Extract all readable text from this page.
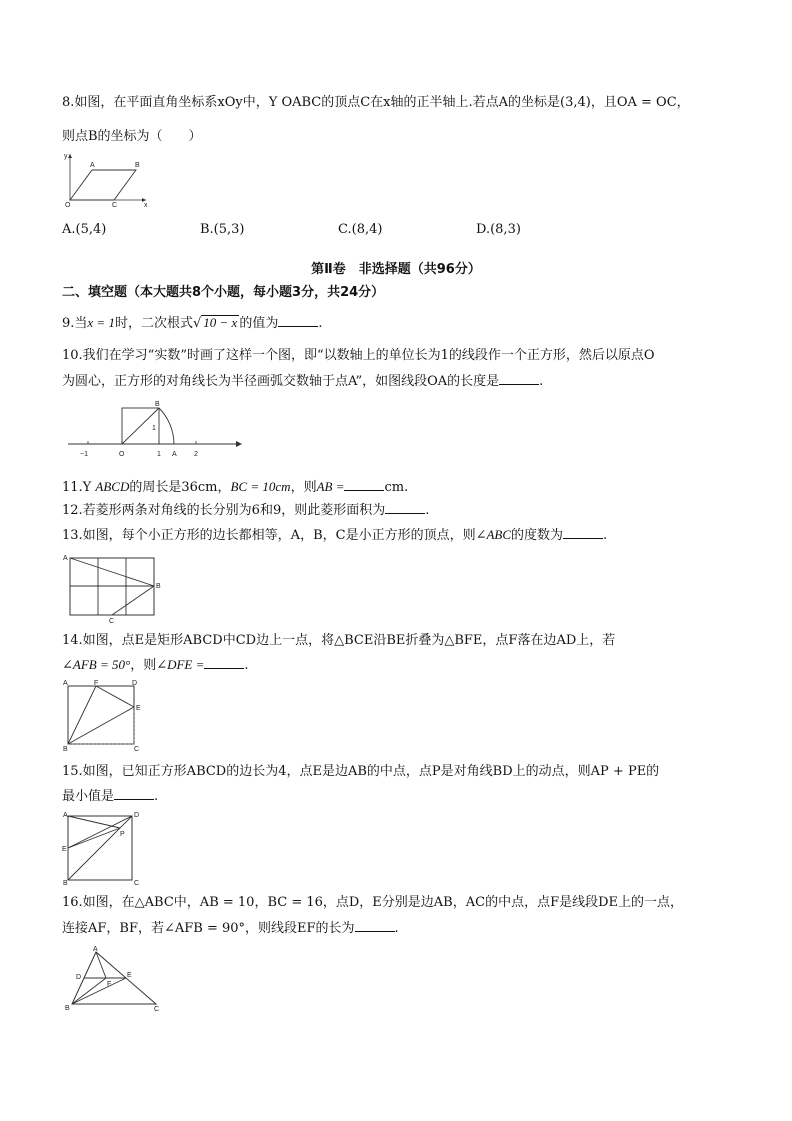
8.如图，在平面直角坐标系xOy中，Y OABC的顶点C在x轴的正半轴上.若点A的坐标是(3,4)，且OA = OC，
则点B的坐标为（　　）
y
A	B
O	C	x
A.(5,4)	B.(5,3)	C.(8,4)	D.(8,3)
第Ⅱ卷　非选择题（共96分）
二、填空题（本大题共8个小题，每小题3分，共24分）
9.当x = 1时，二次根式√ 10 − x 的值为	.
10.我们在学习“实数”时画了这样一个图，即“以数轴上的单位长为1的线段作一个正方形，然后以原点O
为圆心，正方形的对角线长为半径画弧交数轴于点A”，如图线段OA的长度是	.
B
1
−1	O	1 A 2
11.Y ABCD的周长是36cm，BC = 10cm，则AB =	cm.
12.若菱形两条对角线的长分别为6和9，则此菱形面积为	.
13.如图，每个小正方形的边长都相等，A，B，C是小正方形的顶点，则∠ABC的度数为	.
A
B
C
14.如图，点E是矩形ABCD中CD边上一点，将△BCE沿BE折叠为△BFE，点F落在边AD上，若
∠AFB = 50°，则∠DFE =	.
A	F	D
E
B	C
15.如图，已知正方形ABCD的边长为4，点E是边AB的中点，点P是对角线BD上的动点，则AP + PE的
最小值是	.
A	D
P
E
B	C
16.如图，在△ABC中，AB = 10，BC = 16，点D，E分别是边AB，AC的中点，点F是线段DE上的一点，
连接AF，BF，若∠AFB = 90°，则线段EF的长为	.
A
D	E
F
B	C
